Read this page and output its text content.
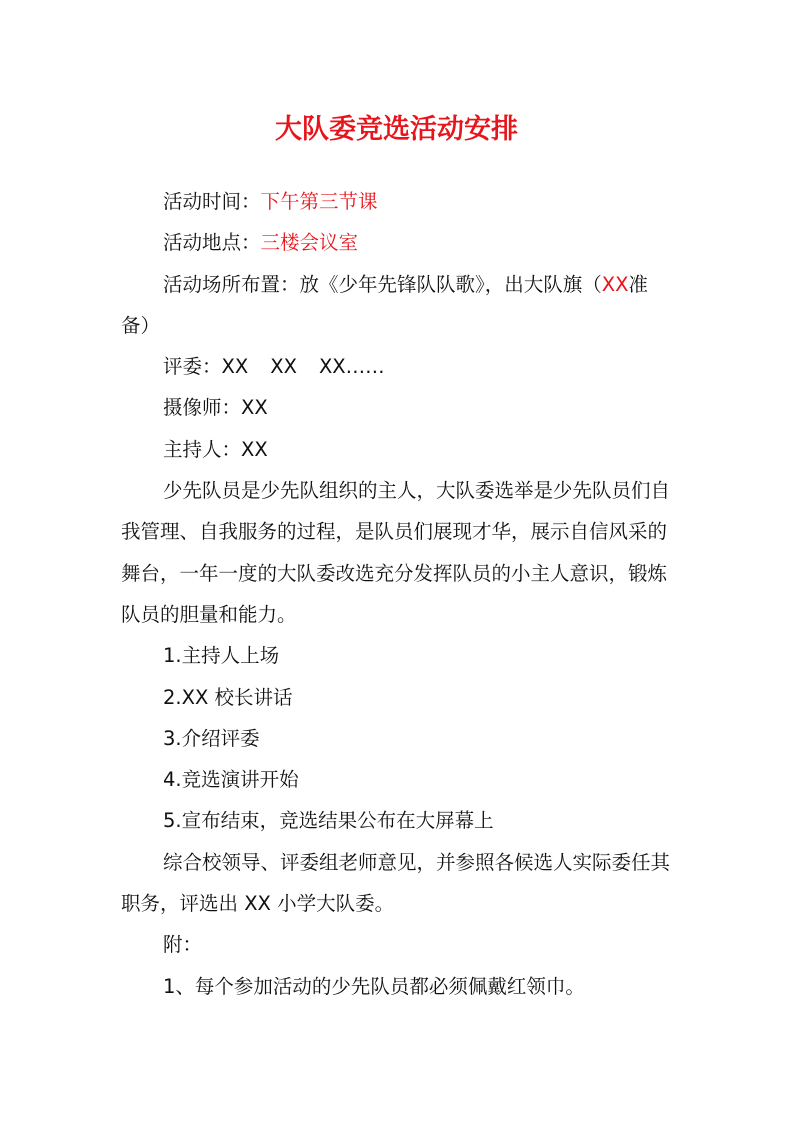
大队委竞选活动安排

活动时间：下午第三节课

活动地点：三楼会议室

活动场所布置：放《少年先锋队队歌》，出大队旗（XX准备）

评委：XX XX XX……

摄像师：XX

主持人：XX

少先队员是少先队组织的主人，大队委选举是少先队员们自我管理、自我服务的过程，是队员们展现才华，展示自信风采的舞台，一年一度的大队委改选充分发挥队员的小主人意识，锻炼队员的胆量和能力。

1.主持人上场

2.XX 校长讲话

3.介绍评委

4.竞选演讲开始

5.宣布结束，竞选结果公布在大屏幕上

综合校领导、评委组老师意见，并参照各候选人实际委任其职务，评选出 XX 小学大队委。

附：

1、每个参加活动的少先队员都必须佩戴红领巾。
